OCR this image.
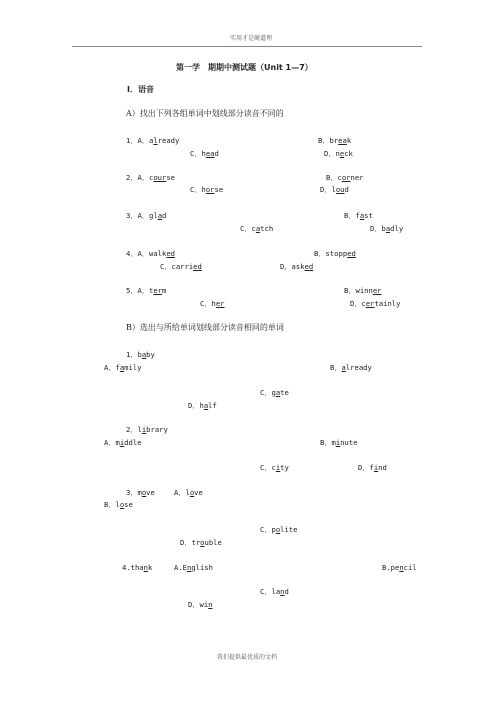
实用才是硬道理
第一学　期期中测试题（Unit 1—7）
Ⅰ．语音
A）找出下列各组单词中划线部分读音不同的
1．A．already	B．break
C．head	D．neck
2．A．course	B．corner
C．horse	D．loud
3．A．glad	B．fast
C．catch	D．badly
4．A．walked	B．stopped
C．carried	D．asked
5．A．term	B．winner
C．her	D．certainly
B）选出与所给单词划线部分读音相同的单词
1．baby
A．family	B．already
C．gate
D．half
2．library
A．middle	B．minute
C．city	D．find
3．move	A．love
B．lose
C．polite
D．trouble
4.thank	A.English	B.pencil
C．land
D．win
我们提供最优质的文档
